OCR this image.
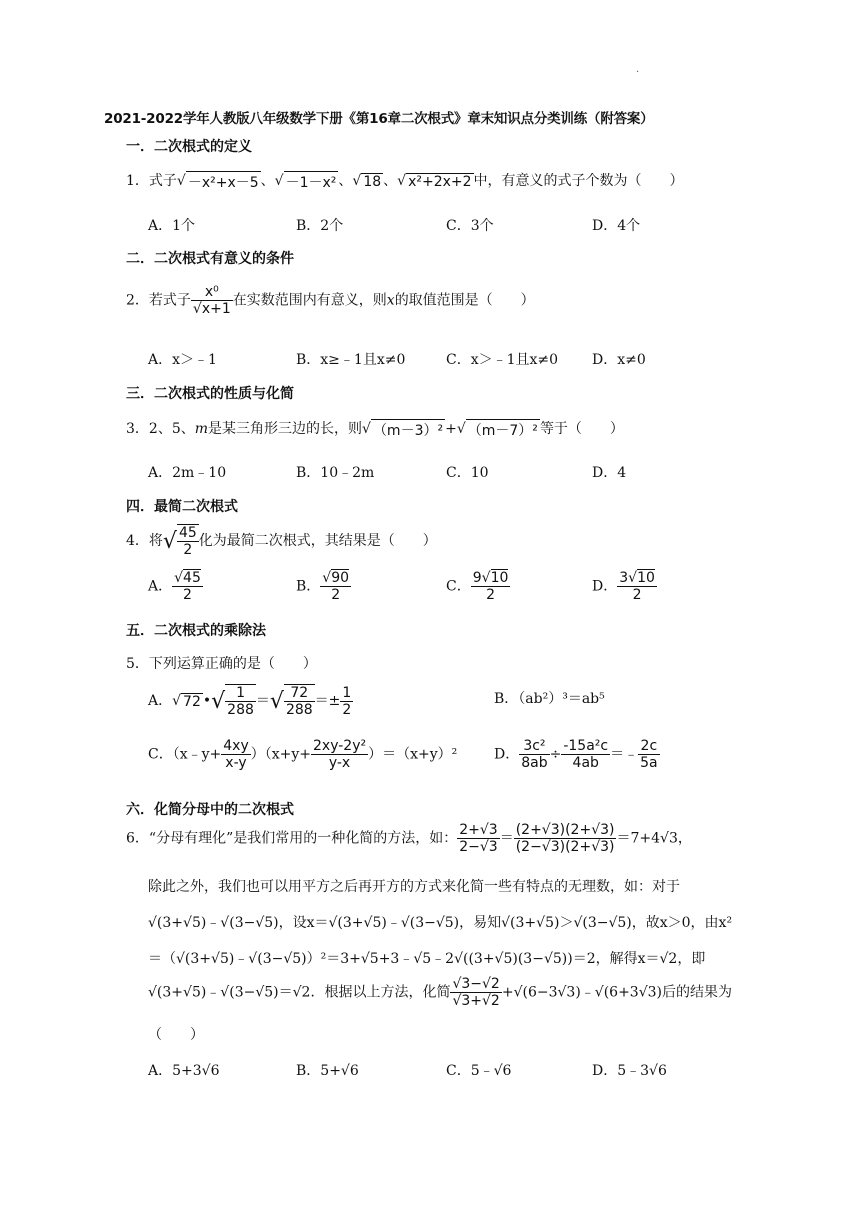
.
2021-2022学年人教版八年级数学下册《第16章二次根式》章末知识点分类训练（附答案）
一．二次根式的定义
1．式子√ －x²+x－5 、√ －1－x² 、√ 18 、√ x²+2x+2 中，有意义的式子个数为（　　）
A．1个	B．2个	C．3个	D．4个
二．二次根式有意义的条件
2．若式子 $\frac{\text{x⁰}}{√x+1}$ 在实数范围内有意义，则x的取值范围是（　　）
A．x＞﹣1	B．x≥﹣1且x≠0	C．x＞﹣1且x≠0 D．x≠0
三．二次根式的性质与化简
3．2、5、m是某三角形三边的长，则√ （m－3）² +√ （m－7）² 等于（　　）
A．2m﹣10	B．10﹣2m	C．10	D．4
四．最简二次根式
4．将√ $\frac{45}{2}$ 化为最简二次根式，其结果是（　　）
A． $\frac{√45}{2}$	B． $\frac{√90}{2}$	C． $\frac{9√10}{2}$	D． $\frac{3√10}{2}$
五．二次根式的乘除法
5．下列运算正确的是（　　）
A．√ 72 •√ $\frac{1}{288}$ ＝√ $\frac{72}{288} =\pm \frac{1}{2}$	B．（ab²）³＝ab⁵
C．（x﹣y+ $\frac{4xy}{x-y} )(x+y+ \frac{\text{2xy-2y²}}{y-x} )=(x+y)^2$	D． $\frac{\text{3c²}}{8ab} \div \frac{\text{-15a²c}}{4ab}$ ＝﹣ $\frac{2c}{5a}$
六．化简分母中的二次根式
6．“分母有理化”是我们常用的一种化简的方法，如： $\frac{2+√3}{2-√3} = \frac{(2+√3)(2+√3)}{(2-√3)(2+√3)} =7+4√3$，
除此之外，我们也可以用平方之后再开方的方式来化简一些有特点的无理数，如：对于
√(3+√5)﹣√(3−√5)，设x＝√(3+√5)﹣√(3−√5)，易知√(3+√5)＞√(3−√5)，故x＞0，由x²
＝（√(3+√5)﹣√(3−√5)）²＝3+√5+3﹣√5﹣2√((3+√5)(3−√5))＝2，解得x＝√2，即
√(3+√5)﹣√(3−√5)＝√2．根据以上方法，化简 $\frac{√3-√2}{√3+√2}$ +√(6−3√3)﹣√(6+3√3)后的结果为
（　　）
A．5+3√6	B．5+√6	C．5﹣√6	D．5﹣3√6
